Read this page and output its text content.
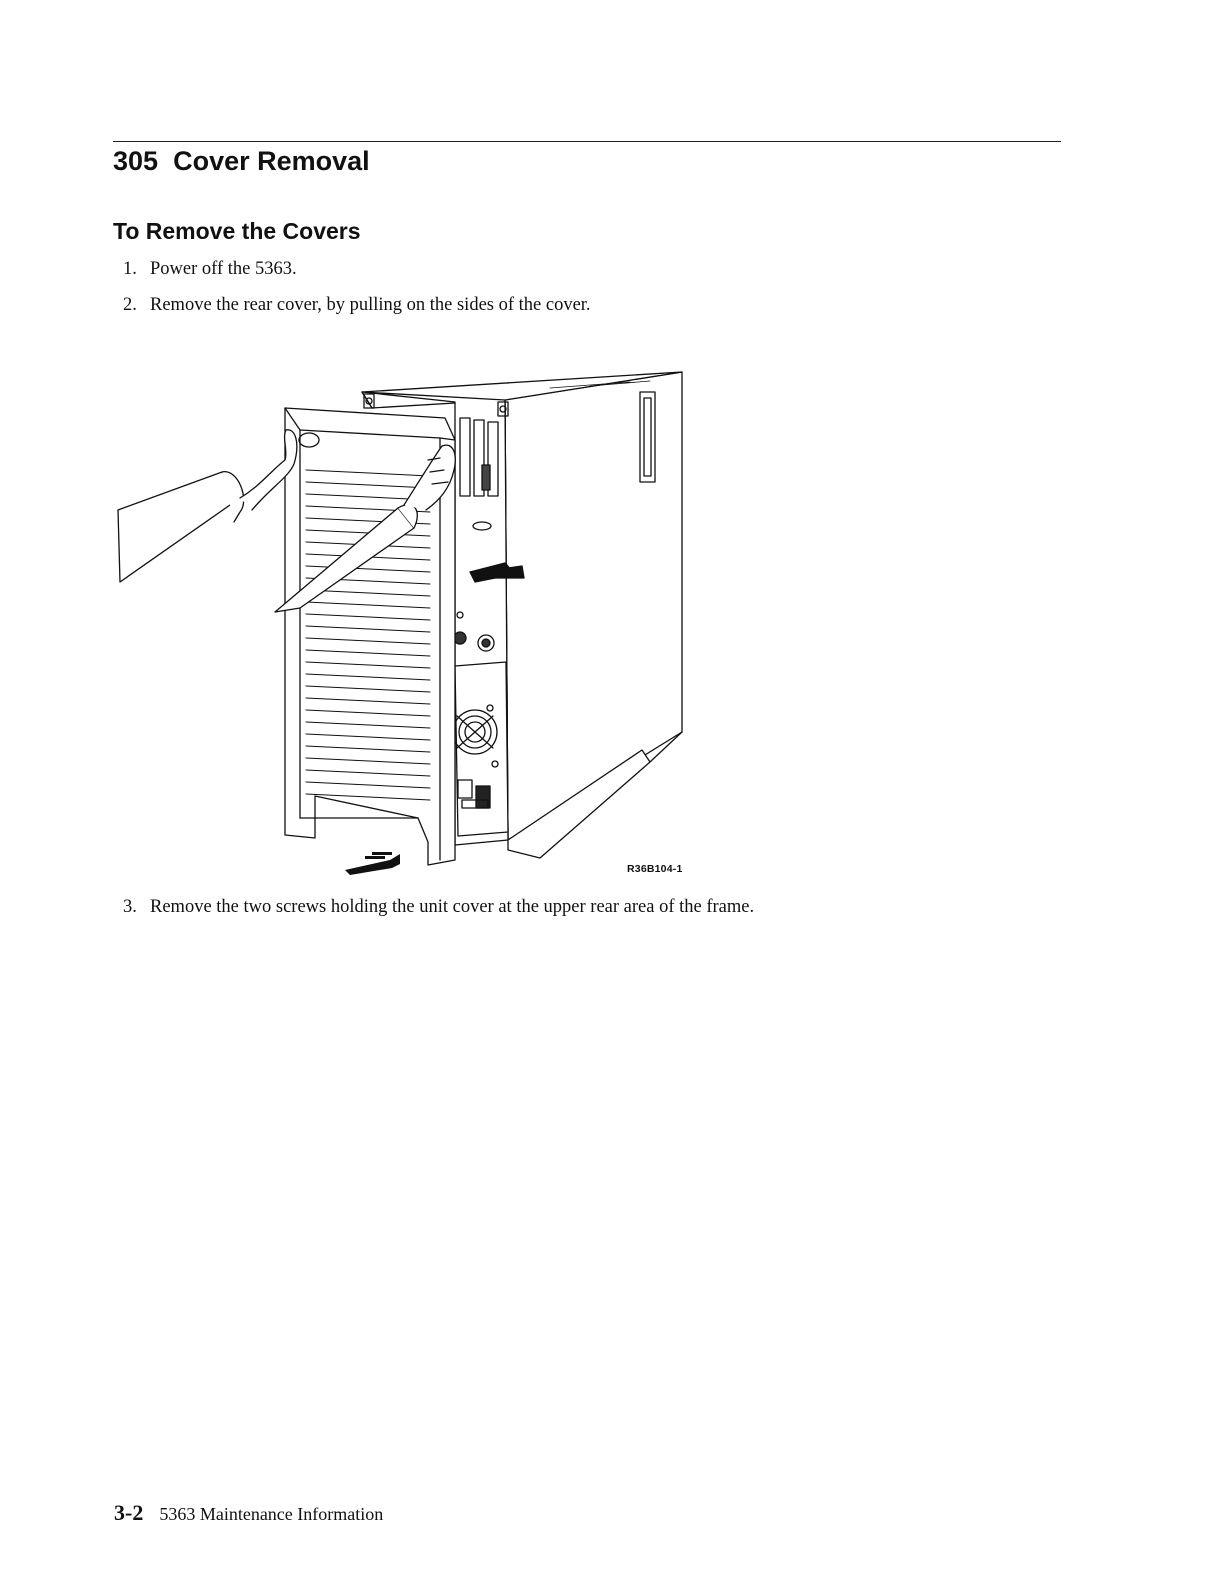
305 Cover Removal
To Remove the Covers
1. Power off the 5363.
2. Remove the rear cover, by pulling on the sides of the cover.
R36B104-1
3. Remove the two screws holding the unit cover at the upper rear area of the frame.
3-2 5363 Maintenance Information
